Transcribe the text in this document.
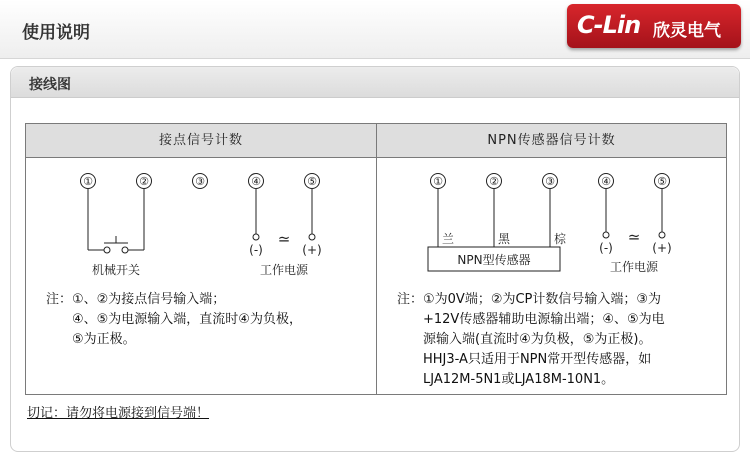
使用说明	C-Lin 欣灵电气
接线图
接点信号计数	NPN传感器信号计数
①	②	③	④	⑤
(-)
≃
(+)
机械开关	工作电源
①	②	③	④	⑤
兰	黑	棕
NPN型传感器
(-)
≃
(+)
工作电源
注：①、②为接点信号输入端；
④、⑤为电源输入端，直流时④为负极，
⑤为正极。
注：①为0V端；②为CP计数信号输入端；③为
+12V传感器辅助电源输出端；④、⑤为电
源输入端(直流时④为负极，⑤为正极)。
HHJ3-A只适用于NPN常开型传感器，如
LJA12M-5N1或LJA18M-10N1。
切记：请勿将电源接到信号端！
